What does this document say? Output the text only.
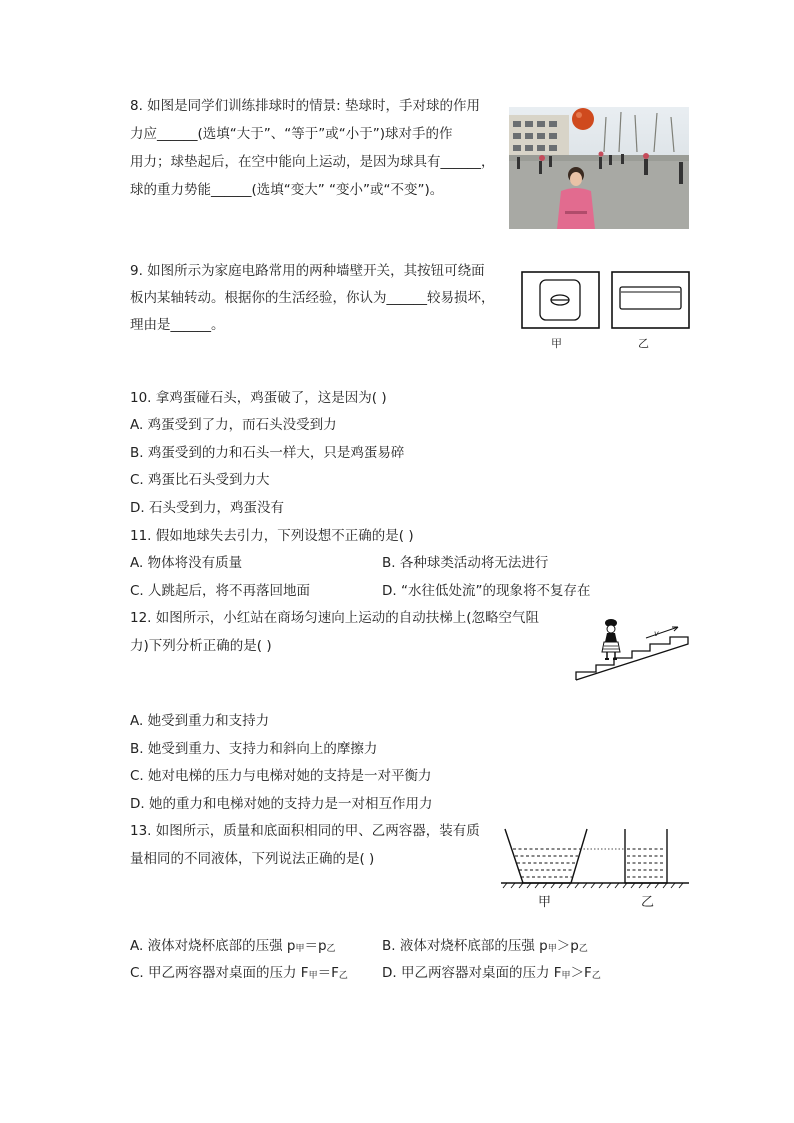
8. 如图是同学们训练排球时的情景: 垫球时，手对球的作用
力应______(选填“大于”、“等于”或“小于”)球对手的作
用力；球垫起后，在空中能向上运动，是因为球具有______，
球的重力势能______(选填“变大” “变小”或“不变”)。
9. 如图所示为家庭电路常用的两种墙壁开关，其按钮可绕面
板内某轴转动。根据你的生活经验，你认为______较易损坏，
理由是______。
甲	乙
10. 拿鸡蛋碰石头，鸡蛋破了，这是因为( )
A. 鸡蛋受到了力，而石头没受到力
B. 鸡蛋受到的力和石头一样大，只是鸡蛋易碎
C. 鸡蛋比石头受到力大
D. 石头受到力，鸡蛋没有
11. 假如地球失去引力，下列设想不正确的是( )
A. 物体将没有质量	B. 各种球类活动将无法进行
C. 人跳起后，将不再落回地面	D. “水往低处流”的现象将不复存在
12. 如图所示，小红站在商场匀速向上运动的自动扶梯上(忽略空气阻
力)下列分析正确的是( )
v
A. 她受到重力和支持力
B. 她受到重力、支持力和斜向上的摩擦力
C. 她对电梯的压力与电梯对她的支持是一对平衡力
D. 她的重力和电梯对她的支持力是一对相互作用力
13. 如图所示，质量和底面积相同的甲、乙两容器，装有质
量相同的不同液体，下列说法正确的是( )
甲	乙
A. 液体对烧杯底部的压强 $p_甲=p_乙$	B. 液体对烧杯底部的压强 $p_甲>p_乙$
C. 甲乙两容器对桌面的压力 $F_甲=F_乙$	D. 甲乙两容器对桌面的压力 $F_甲>F_乙$
